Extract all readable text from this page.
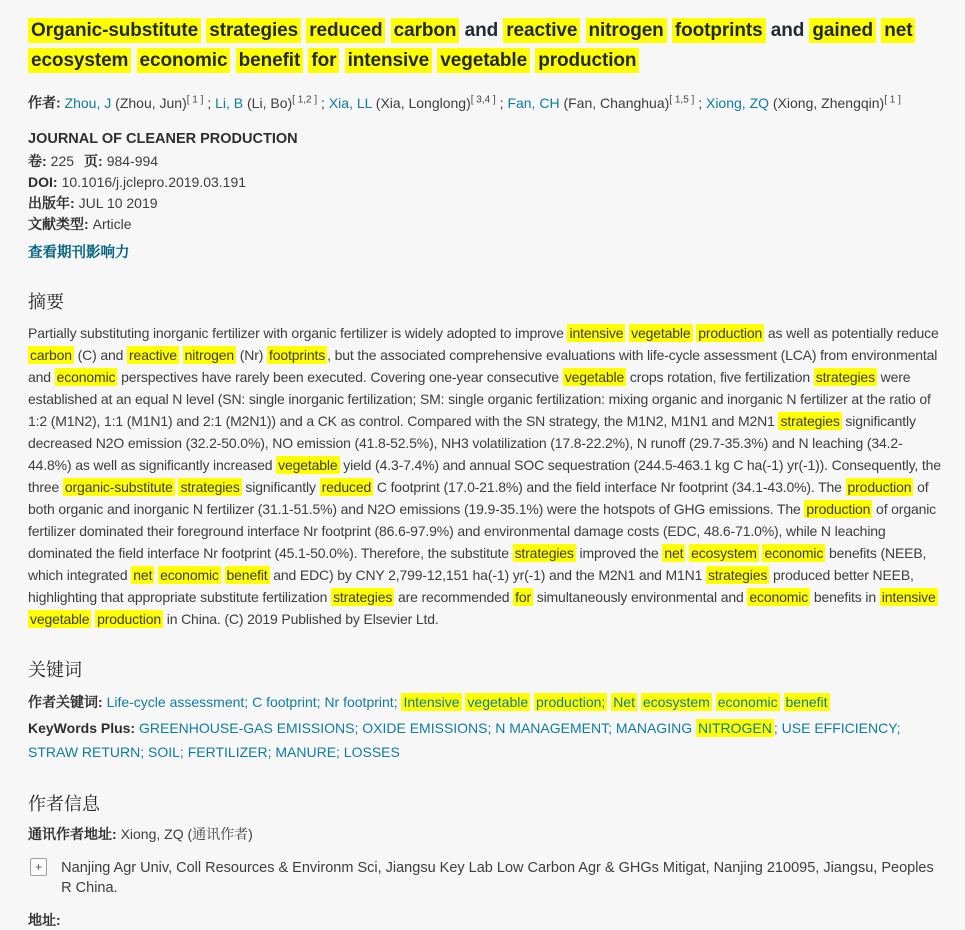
Organic-substitute strategies reduced carbon and reactive nitrogen footprints and gained net ecosystem economic benefit for intensive vegetable production

作者: Zhou, J (Zhou, Jun)[ 1 ] ; Li, B (Li, Bo)[ 1,2 ] ; Xia, LL (Xia, Longlong)[ 3,4 ] ; Fan, CH (Fan, Changhua)[ 1,5 ] ; Xiong, ZQ (Xiong, Zhengqin)[ 1 ]

JOURNAL OF CLEANER PRODUCTION
卷: 225 页: 984-994
DOI: 10.1016/j.jclepro.2019.03.191
出版年: JUL 10 2019
文献类型: Article
查看期刊影响力
摘要

Partially substituting inorganic fertilizer with organic fertilizer is widely adopted to improve intensive vegetable production as well as potentially reduce carbon (C) and reactive nitrogen (Nr) footprints , but the associated comprehensive evaluations with life-cycle assessment (LCA) from environmental and economic perspectives have rarely been executed. Covering one-year consecutive vegetable crops rotation, five fertilization strategies were established at an equal N level (SN: single inorganic fertilization; SM: single organic fertilization: mixing organic and inorganic N fertilizer at the ratio of 1:2 (M1N2), 1:1 (M1N1) and 2:1 (M2N1)) and a CK as control. Compared with the SN strategy, the M1N2, M1N1 and M2N1 strategies significantly decreased N2O emission (32.2-50.0%), NO emission (41.8-52.5%), NH3 volatilization (17.8-22.2%), N runoff (29.7-35.3%) and N leaching (34.2-44.8%) as well as significantly increased vegetable yield (4.3-7.4%) and annual SOC sequestration (244.5-463.1 kg C ha(-1) yr(-1)). Consequently, the three organic-substitute strategies significantly reduced C footprint (17.0-21.8%) and the field interface Nr footprint (34.1-43.0%). The production of both organic and inorganic N fertilizer (31.1-51.5%) and N2O emissions (19.9-35.1%) were the hotspots of GHG emissions. The production of organic fertilizer dominated their foreground interface Nr footprint (86.6-97.9%) and environmental damage costs (EDC, 48.6-71.0%), while N leaching dominated the field interface Nr footprint (45.1-50.0%). Therefore, the substitute strategies improved the net ecosystem economic benefits (NEEB, which integrated net economic benefit and EDC) by CNY 2,799-12,151 ha(-1) yr(-1) and the M2N1 and M1N1 strategies produced better NEEB, highlighting that appropriate substitute fertilization strategies are recommended for simultaneously environmental and economic benefits in intensive vegetable production in China. (C) 2019 Published by Elsevier Ltd.

关键词

作者关键词: Life-cycle assessment; C footprint; Nr footprint; Intensive vegetable production; Net ecosystem economic benefit

KeyWords Plus: GREENHOUSE-GAS EMISSIONS; OXIDE EMISSIONS; N MANAGEMENT; MANAGING NITROGEN ; USE EFFICIENCY; STRAW RETURN; SOIL; FERTILIZER; MANURE; LOSSES

作者信息

通讯作者地址: Xiong, ZQ (通讯作者)

+	Nanjing Agr Univ, Coll Resources & Environm Sci, Jiangsu Key Lab Low Carbon Agr & GHGs Mitigat, Nanjing 210095, Jiangsu, Peoples R China.
地址:
